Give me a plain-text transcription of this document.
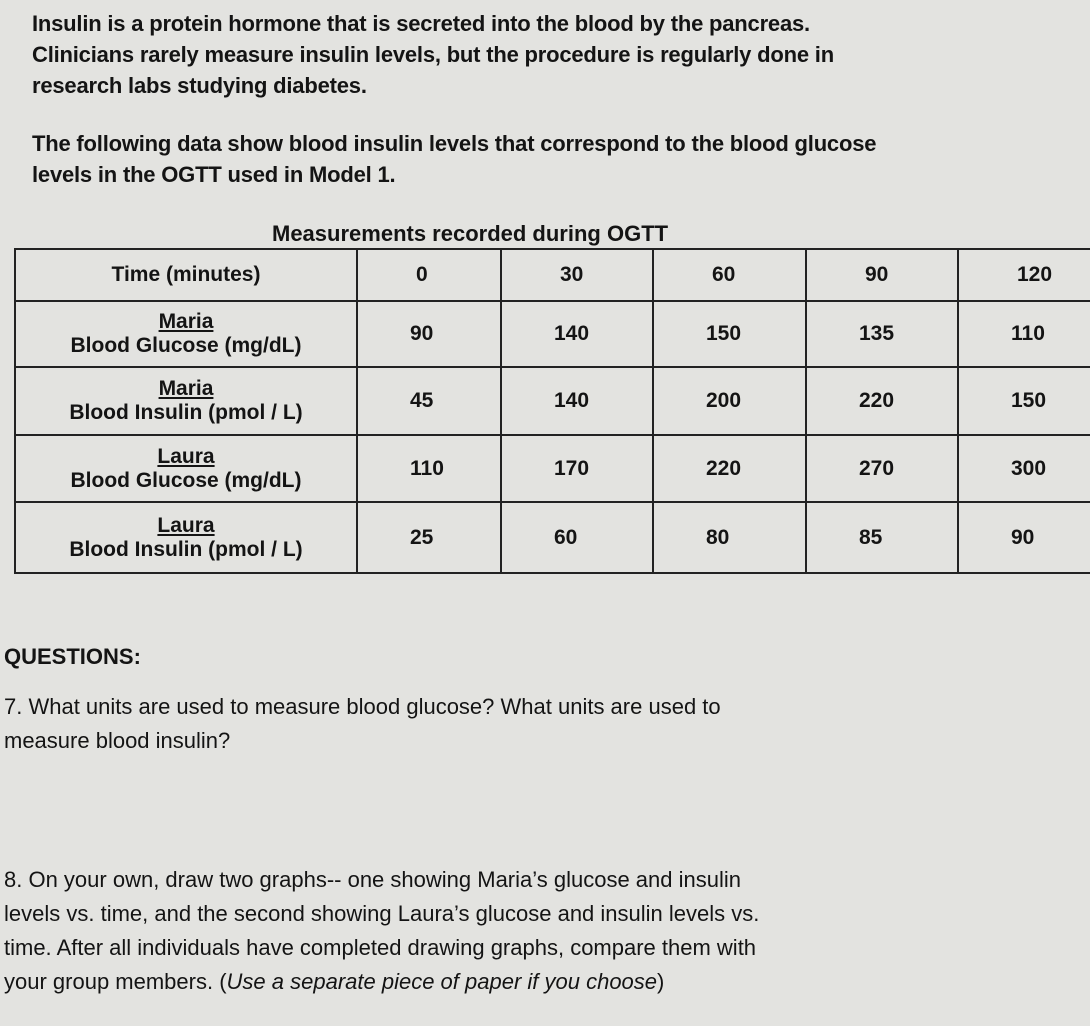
Insulin is a protein hormone that is secreted into the blood by the pancreas.
Clinicians rarely measure insulin levels, but the procedure is regularly done in
research labs studying diabetes.
The following data show blood insulin levels that correspond to the blood glucose
levels in the OGTT used in Model 1.
Measurements recorded during OGTT
Time (minutes)	0	30	60	90	120

Maria
Blood Glucose (mg/dL)	90	140	150	135	110

Maria
Blood Insulin (pmol / L)	45	140	200	220	150

Laura
Blood Glucose (mg/dL)	110	170	220	270	300

Laura
Blood Insulin (pmol / L)	25	60	80	85	90
QUESTIONS:
7. What units are used to measure blood glucose? What units are used to
measure blood insulin?
8. On your own, draw two graphs-- one showing Maria’s glucose and insulin
levels vs. time, and the second showing Laura’s glucose and insulin levels vs.
time. After all individuals have completed drawing graphs, compare them with
your group members. (Use a separate piece of paper if you choose)
